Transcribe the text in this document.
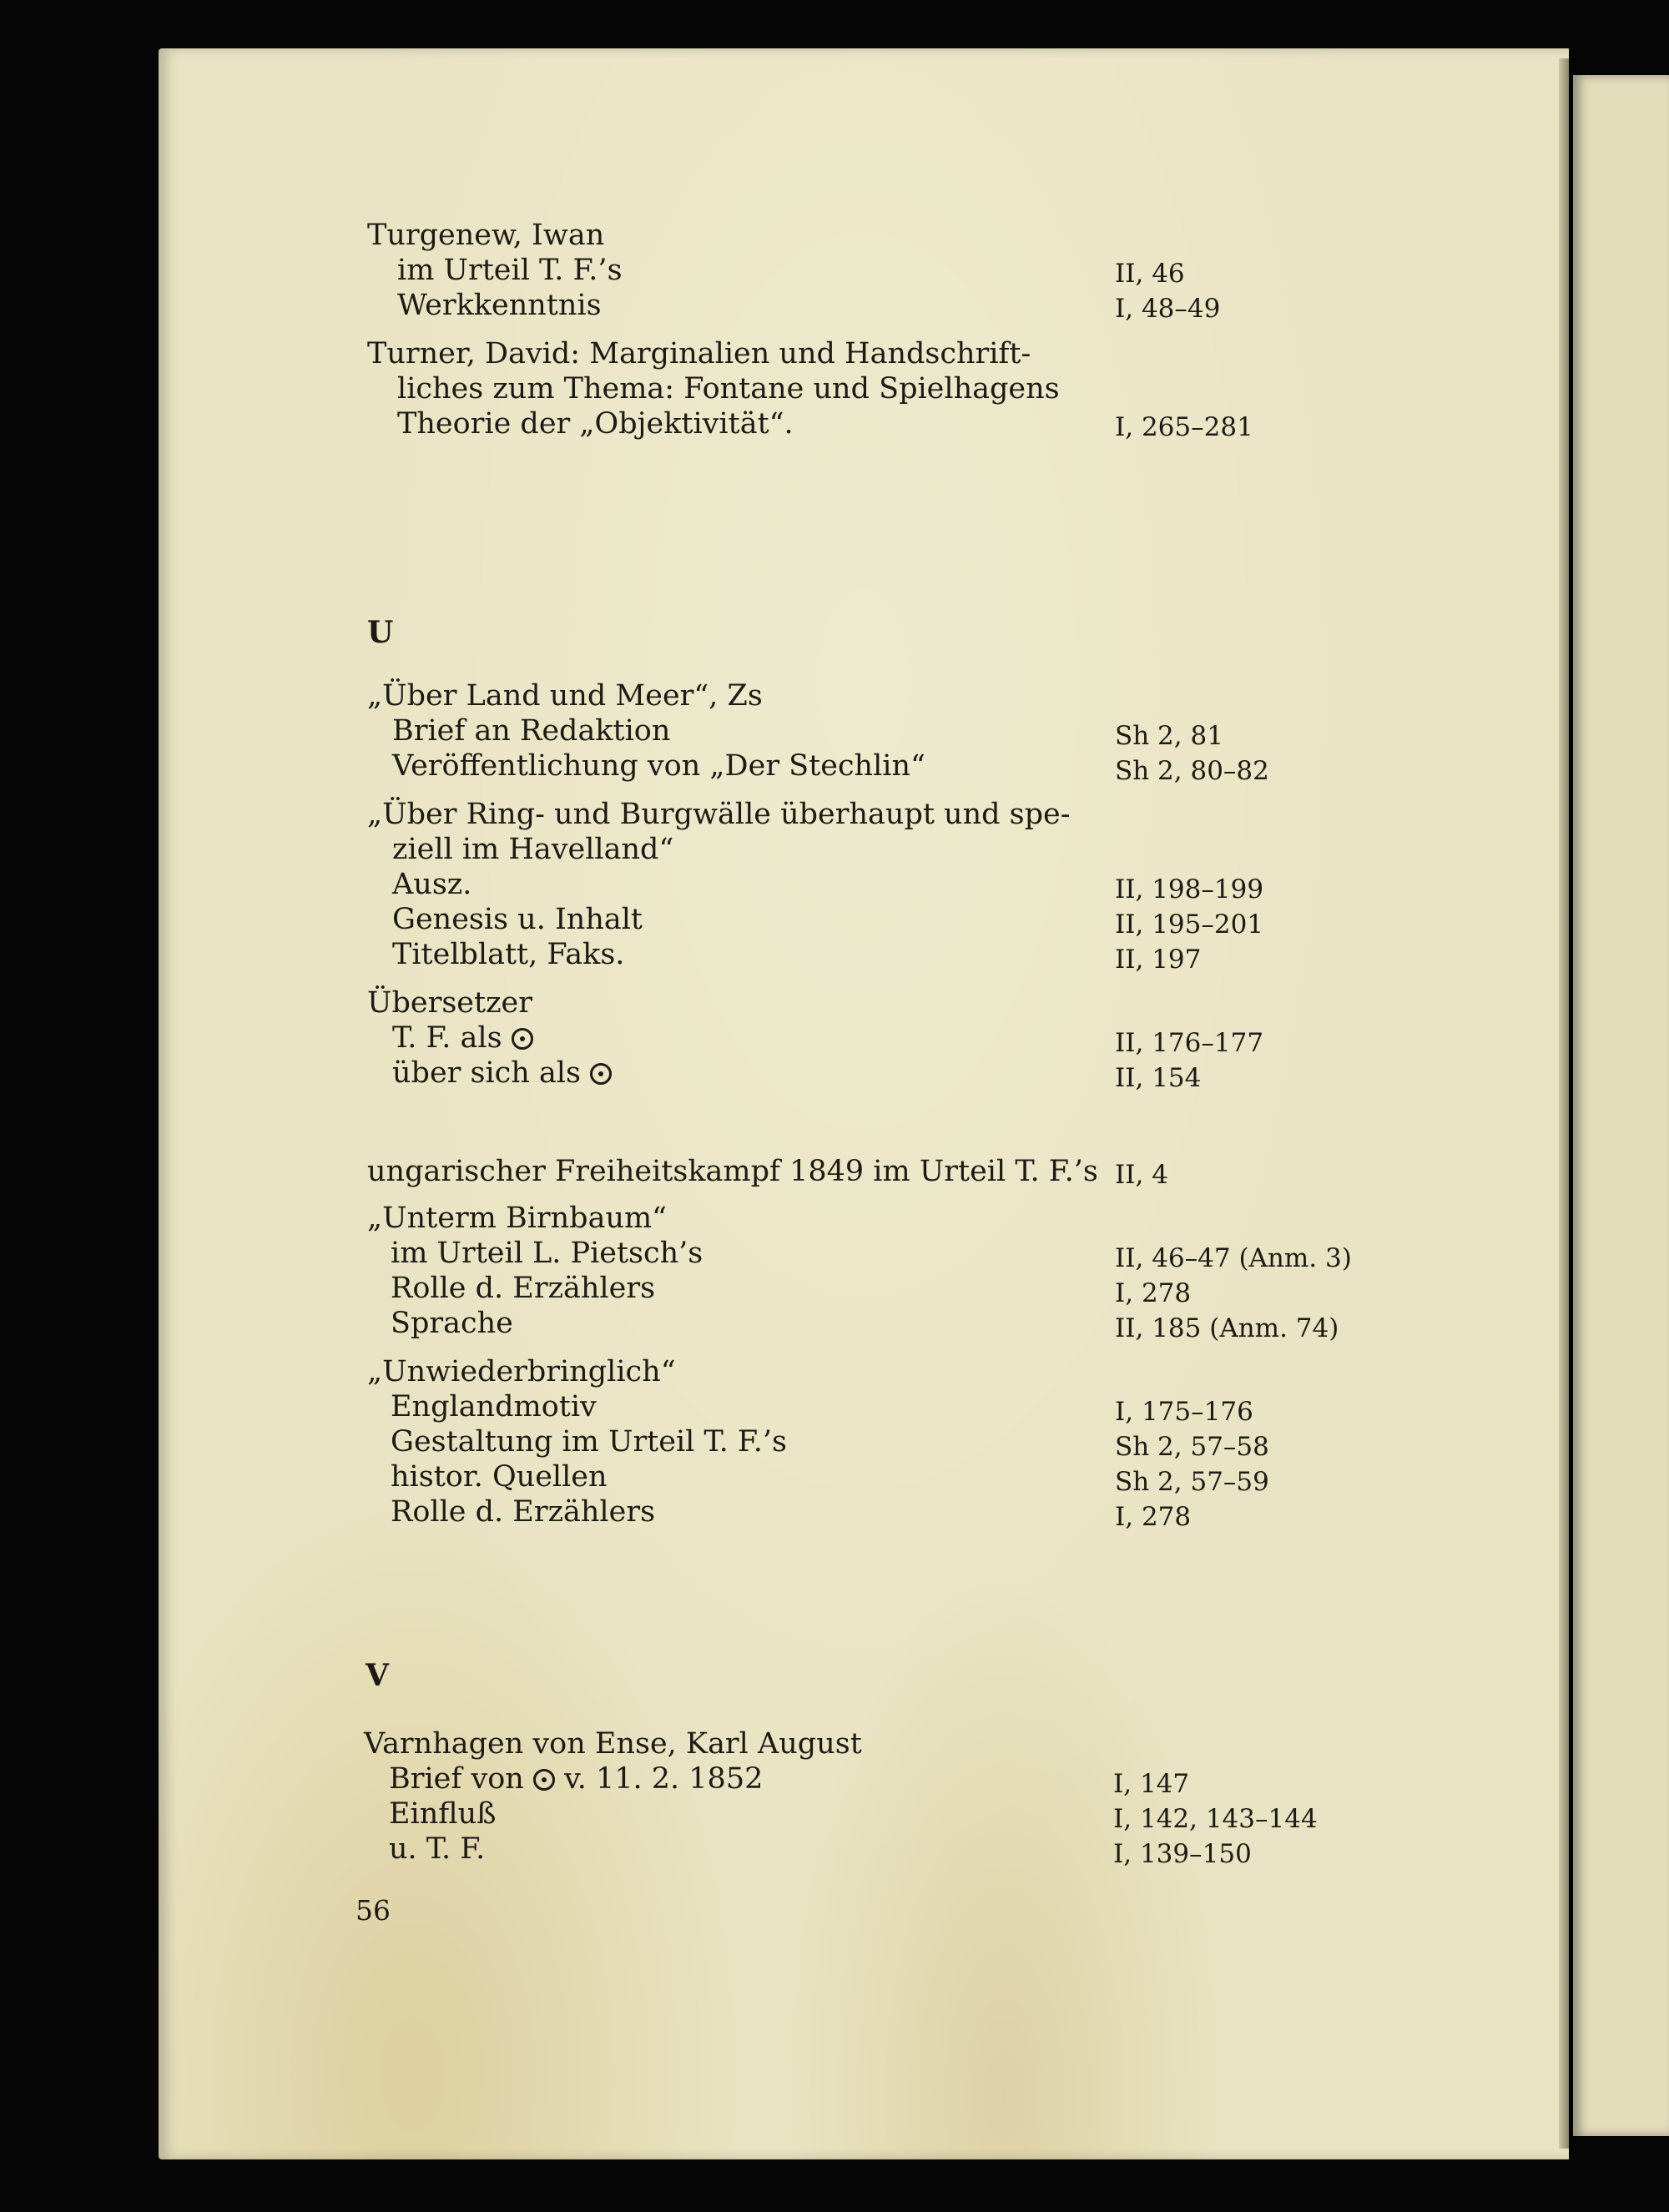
Turgenew, Iwan
im Urteil T. F.’s	II, 46
Werkkenntnis	I, 48–49
Turner, David: Marginalien und Handschrift-
liches zum Thema: Fontane und Spielhagens
Theorie der „Objektivität“.	I, 265–281
U
„Über Land und Meer“, Zs
Brief an Redaktion	Sh 2, 81
Veröffentlichung von „Der Stechlin“	Sh 2, 80–82
„Über Ring- und Burgwälle überhaupt und spe-
ziell im Havelland“
Ausz.	II, 198–199
Genesis u. Inhalt	II, 195–201
Titelblatt, Faks.	II, 197
Übersetzer
T. F. als	II, 176–177
über sich als	II, 154
ungarischer Freiheitskampf 1849 im Urteil T. F.’s II, 4
„Unterm Birnbaum“
im Urteil L. Pietsch’s	II, 46–47 (Anm. 3)
Rolle d. Erzählers	I, 278
Sprache	II, 185 (Anm. 74)
„Unwiederbringlich“
Englandmotiv	I, 175–176
Gestaltung im Urteil T. F.’s	Sh 2, 57–58
histor. Quellen	Sh 2, 57–59
Rolle d. Erzählers	I, 278
V
Varnhagen von Ense, Karl August
Brief von v. 11. 2. 1852	I, 147
Einfluß	I, 142, 143–144
u. T. F.	I, 139–150
56
